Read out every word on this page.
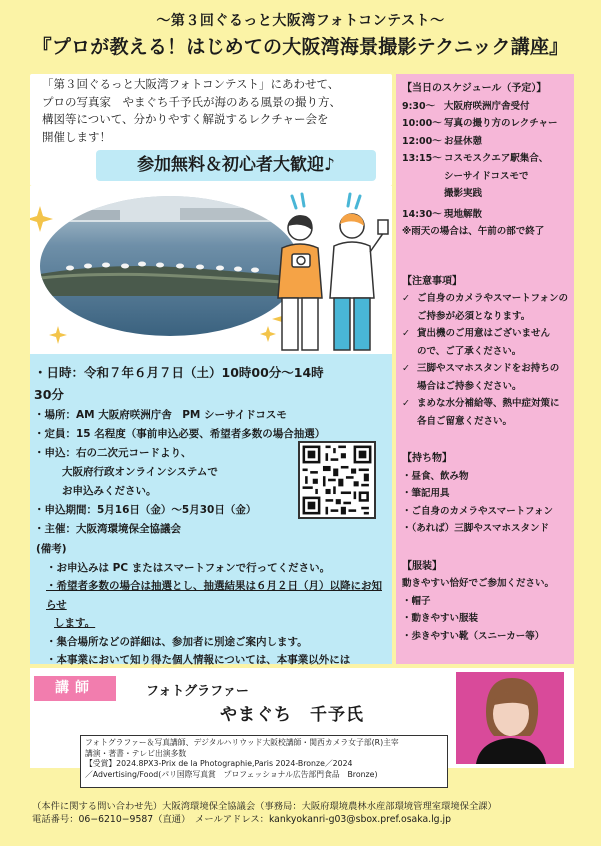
〜第３回ぐるっと大阪湾フォトコンテスト〜
『プロが教える！はじめての大阪湾海景撮影テクニック講座』
「第３回ぐるっと大阪湾フォトコンテスト」にあわせて、
プロの写真家　やまぐち千予氏が海のある風景の撮り方、
構図等について、分かりやすく解説するレクチャー会を
開催します！
参加無料＆初心者大歓迎♪
・日時：令和７年６月７日（土）10時00分〜14時30分
・場所：AM 大阪府咲洲庁舎　PM シーサイドコスモ
・定員：15 名程度（事前申込必要、希望者多数の場合抽選）
・申込：右の二次元コードより、
大阪府行政オンラインシステムで
お申込みください。
・申込期間：5月16日（金）〜5月30日（金）
・主催：大阪湾環境保全協議会
(備考)
・お申込みは PC またはスマートフォンで行ってください。
・希望者多数の場合は抽選とし、抽選結果は６月２日（月）以降にお知らせ
します。
・集合場所などの詳細は、参加者に別途ご案内します。
・本事業において知り得た個人情報については、本事業以外には
【当日のスケジュール（予定）】
9:30〜 大阪府咲洲庁舎受付
10:00〜 写真の撮り方のレクチャー
12:00〜 お昼休憩
13:15〜 コスモスクエア駅集合、
シーサイドコスモで
撮影実践
14:30〜 現地解散
※雨天の場合は、午前の部で終了
【注意事項】
✓ ご自身のカメラやスマートフォンの
ご持参が必須となります。
✓ 貸出機のご用意はございません
ので、ご了承ください。
✓ 三脚やスマホスタンドをお持ちの
場合はご持参ください。
✓ まめな水分補給等、熱中症対策に
各自ご留意ください。
【持ち物】
・昼食、飲み物
・筆記用具
・ご自身のカメラやスマートフォン
・（あれば）三脚やスマホスタンド
【服装】
動きやすい恰好でご参加ください。
・帽子
・動きやすい服装
・歩きやすい靴（スニーカー等）
講師	フォトグラファー
やまぐち　千予氏
フォトグラファー＆写真講師、デジタルハリウッド大阪校講師・関西カメラ女子部(R)主宰
講演・著書・テレビ出演多数
【受賞】2024.8PX3-Prix de la Photographie,Paris 2024-Bronze／2024
／Advertising/Food(パリ国際写真賞　プロフェッショナル広告部門食品　Bronze)
（本件に関する問い合わせ先）大阪湾環境保全協議会（事務局：大阪府環境農林水産部環境管理室環境保全課）
電話番号：06−6210−9587（直通）　メールアドレス：kankyokanri-g03@sbox.pref.osaka.lg.jp
